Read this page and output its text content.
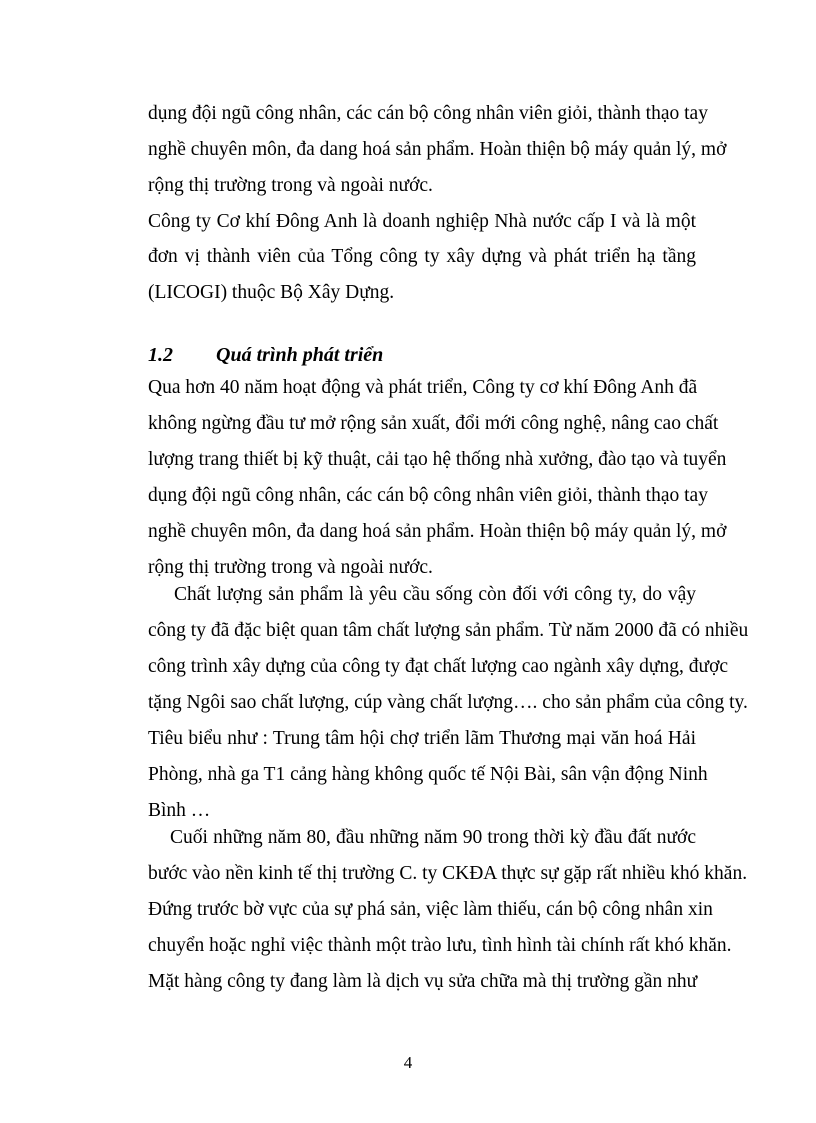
dụng đội ngũ công nhân, các cán bộ công nhân viên giỏi, thành thạo tay
nghề chuyên môn, đa dang hoá sản phẩm. Hoàn thiện bộ máy quản lý, mở
rộng thị trường trong và ngoài nước.
Công ty Cơ khí Đông Anh là doanh nghiệp Nhà nước cấp I và là một
đơn vị thành viên của Tổng công ty xây dựng và phát triển hạ tầng
(LICOGI) thuộc Bộ Xây Dựng.
1.2 Quá trình phát triển
Qua hơn 40 năm hoạt động và phát triển, Công ty cơ khí Đông Anh đã
không ngừng đầu tư mở rộng sản xuất, đổi mới công nghệ, nâng cao chất
lượng trang thiết bị kỹ thuật, cải tạo hệ thống nhà xưởng, đào tạo và tuyển
dụng đội ngũ công nhân, các cán bộ công nhân viên giỏi, thành thạo tay
nghề chuyên môn, đa dang hoá sản phẩm. Hoàn thiện bộ máy quản lý, mở
rộng thị trường trong và ngoài nước.
Chất lượng sản phẩm là yêu cầu sống còn đối với công ty, do vậy
công ty đã đặc biệt quan tâm chất lượng sản phẩm. Từ năm 2000 đã có nhiều
công trình xây dựng của công ty đạt chất lượng cao ngành xây dựng, được
tặng Ngôi sao chất lượng, cúp vàng chất lượng…. cho sản phẩm của công ty.
Tiêu biểu như : Trung tâm hội chợ triển lãm Thương mại văn hoá Hải
Phòng, nhà ga T1 cảng hàng không quốc tế Nội Bài, sân vận động Ninh
Bình …
Cuối những năm 80, đầu những năm 90 trong thời kỳ đầu đất nước
bước vào nền kinh tế thị trường C. ty CKĐA thực sự gặp rất nhiều khó khăn.
Đứng trước bờ vực của sự phá sản, việc làm thiếu, cán bộ công nhân xin
chuyển hoặc nghỉ việc thành một trào lưu, tình hình tài chính rất khó khăn.
Mặt hàng công ty đang làm là dịch vụ sửa chữa mà thị trường gần như
4
